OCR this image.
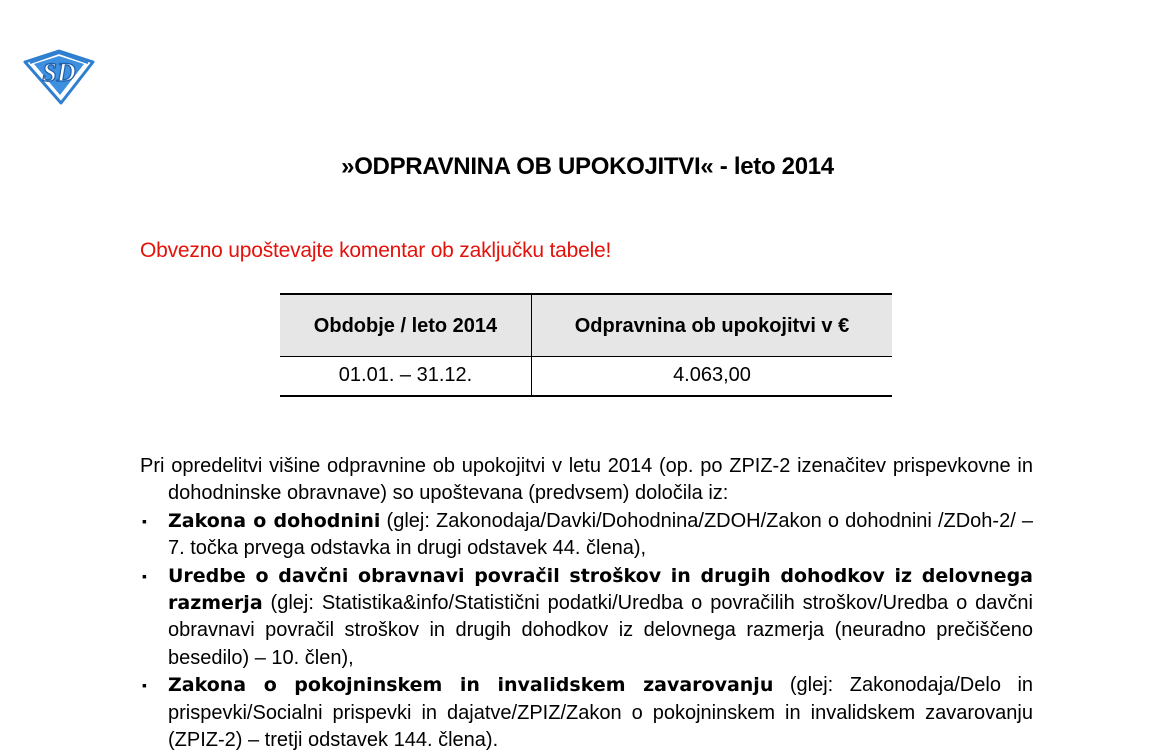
SD
»ODPRAVNINA OB UPOKOJITVI« - leto 2014
Obvezno upoštevajte komentar ob zaključku tabele!
Obdobje / leto 2014	Odpravnina ob upokojitvi v €
01.01. – 31.12.	4.063,00

Pri opredelitvi višine odpravnine ob upokojitvi v letu 2014 (op. po ZPIZ-2 izenačitev prispevkovne in dohodninske obravnave) so upoštevana (predvsem) določila iz:

▪ Zakona o dohodnini (glej: Zakonodaja/Davki/Dohodnina/ZDOH/Zakon o dohodnini /ZDoh-2/ – 7. točka prvega odstavka in drugi odstavek 44. člena),
▪ Uredbe o davčni obravnavi povračil stroškov in drugih dohodkov iz delovnega razmerja (glej: Statistika&info/Statistični podatki/Uredba o povračilih stroškov/Uredba o davčni obravnavi povračil stroškov in drugih dohodkov iz delovnega razmerja (neuradno prečiščeno besedilo) – 10. člen),
▪ Zakona o pokojninskem in invalidskem zavarovanju (glej: Zakonodaja/Delo in prispevki/Socialni prispevki in dajatve/ZPIZ/Zakon o pokojninskem in invalidskem zavarovanju (ZPIZ-2) – tretji odstavek 144. člena).
